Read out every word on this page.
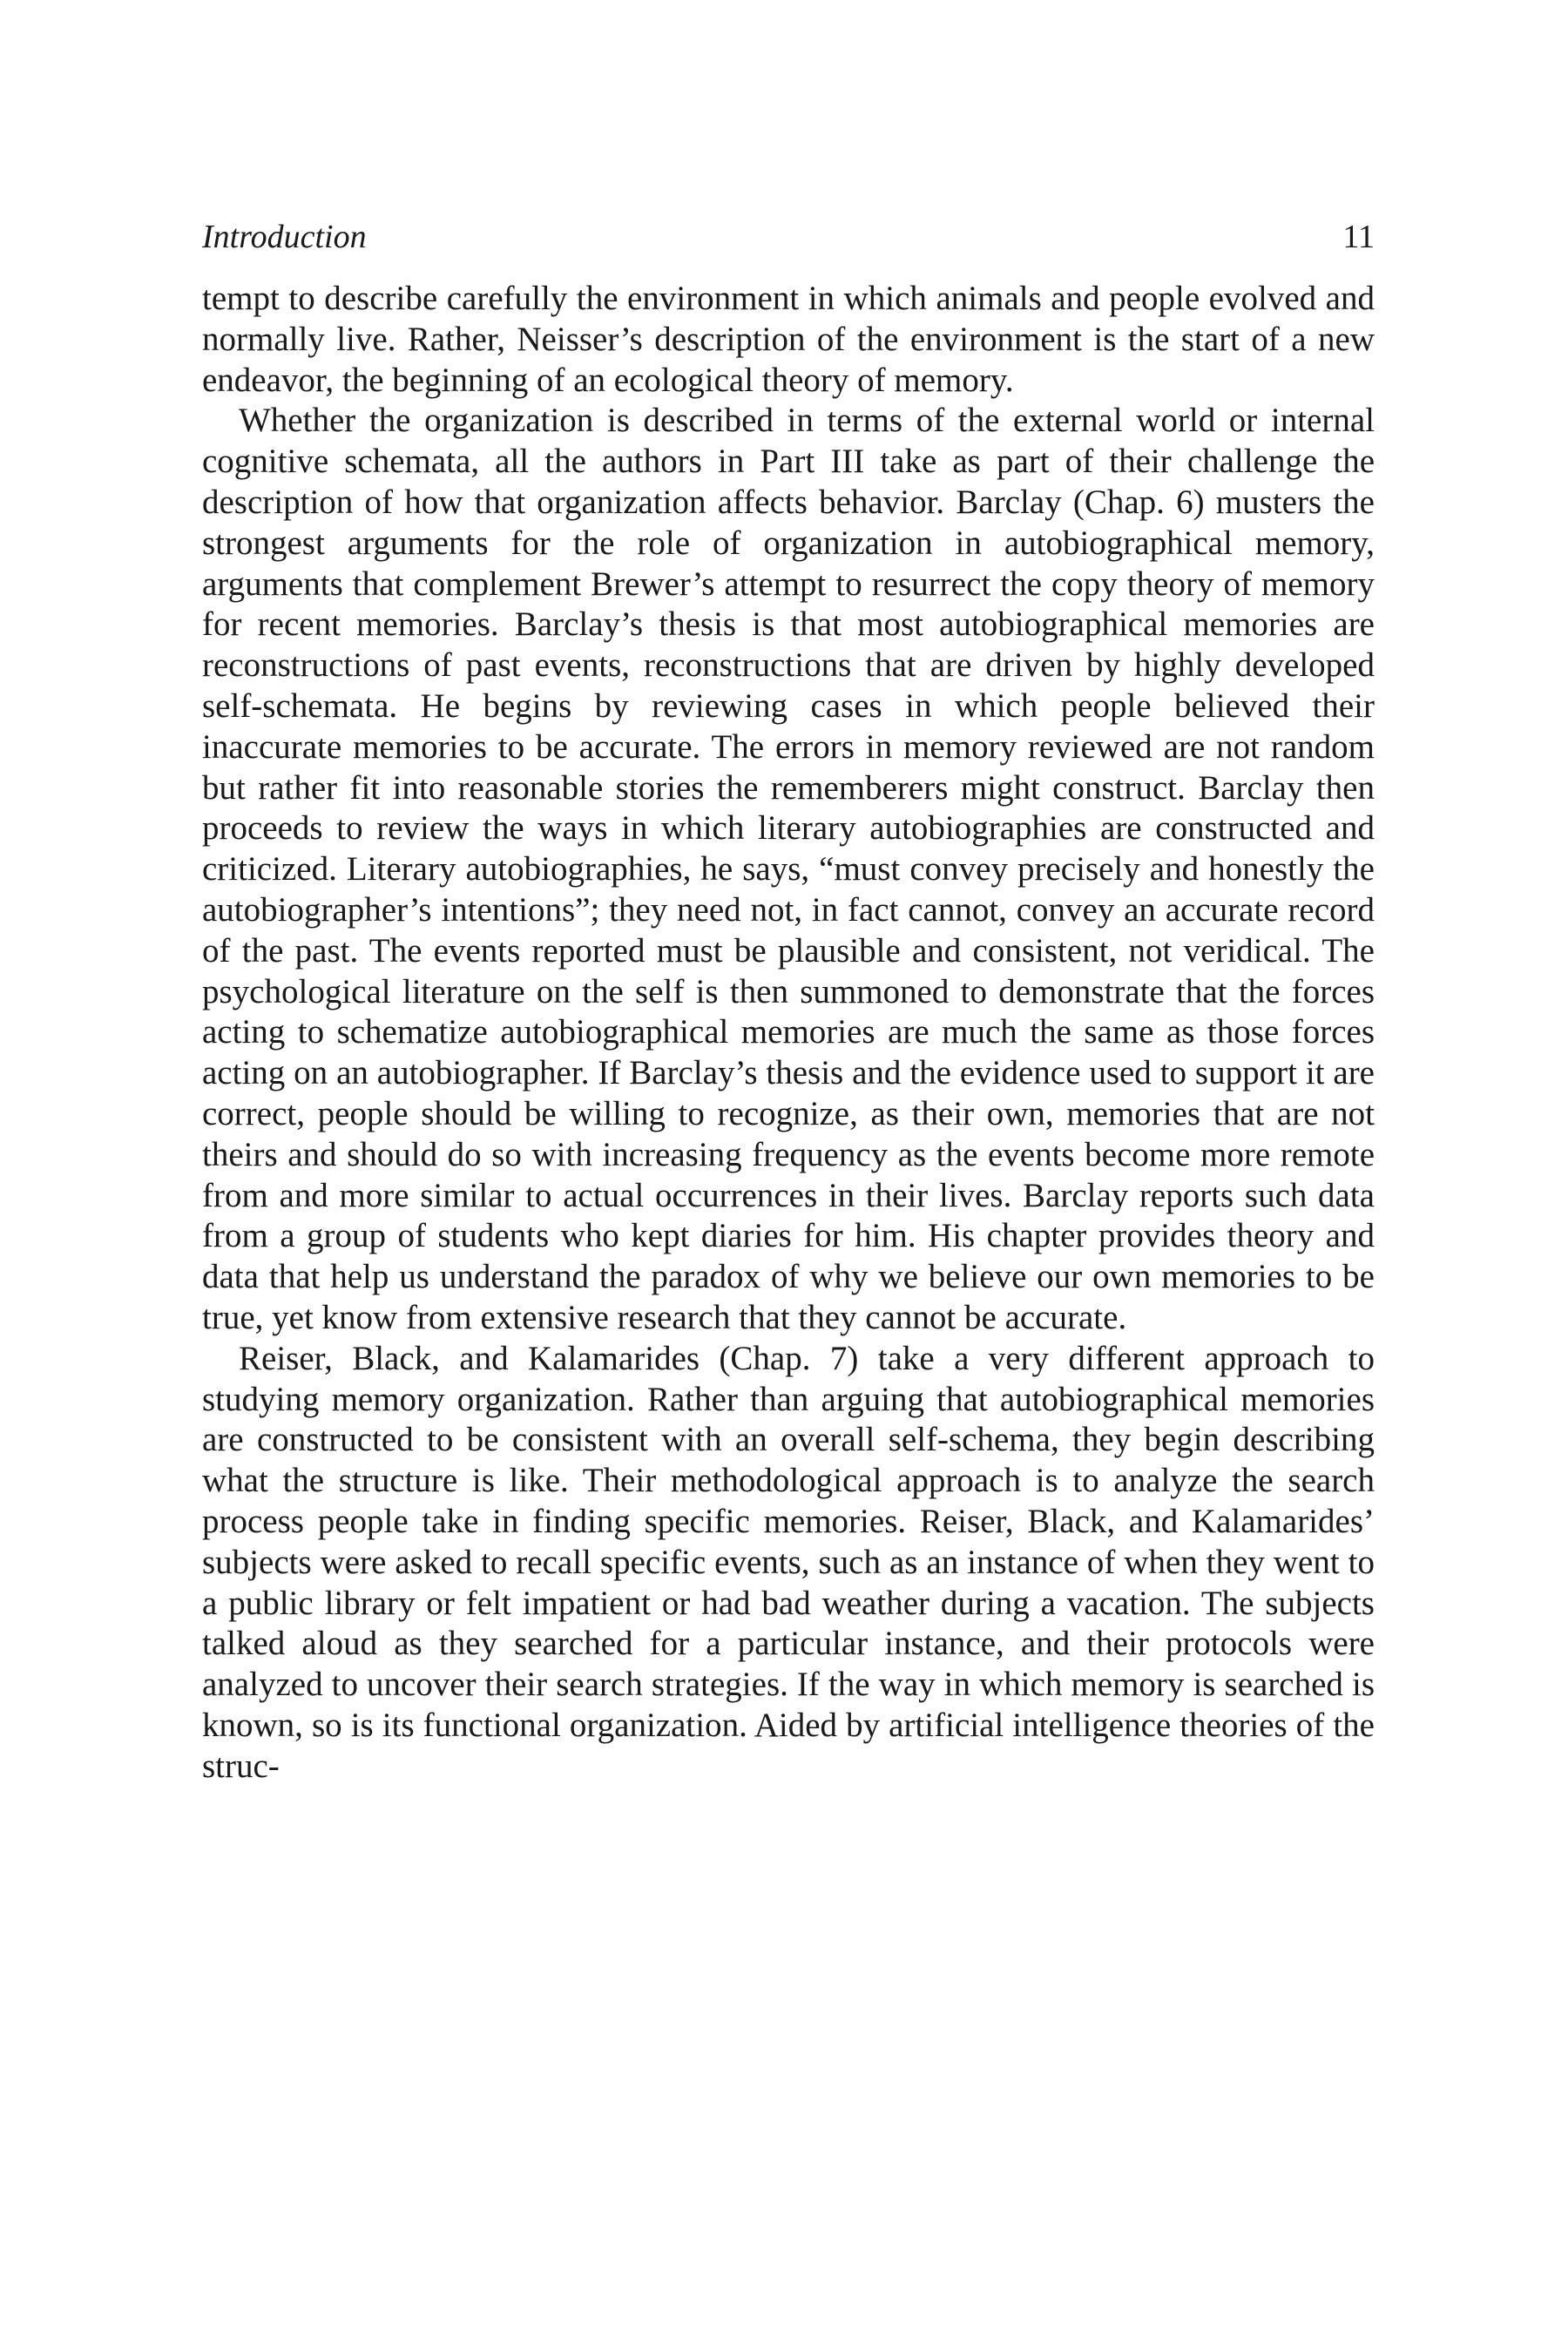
Introduction	11

tempt to describe carefully the environment in which animals and people evolved and normally live. Rather, Neisser’s description of the environment is the start of a new endeavor, the beginning of an ecological theory of memory.

Whether the organization is described in terms of the external world or internal cognitive schemata, all the authors in Part III take as part of their challenge the description of how that organization affects behavior. Barclay (Chap. 6) musters the strongest arguments for the role of organization in autobiographical memory, arguments that complement Brewer’s attempt to resurrect the copy theory of memory for recent memories. Barclay’s thesis is that most autobiographical memories are reconstructions of past events, reconstructions that are driven by highly developed self-schemata. He begins by reviewing cases in which people believed their inaccurate memories to be accurate. The errors in memory reviewed are not random but rather fit into reasonable stories the rememberers might construct. Barclay then proceeds to review the ways in which literary autobiographies are constructed and criticized. Literary autobiographies, he says, “must convey precisely and honestly the autobiographer’s intentions”; they need not, in fact cannot, convey an accurate record of the past. The events reported must be plausible and consistent, not veridical. The psychological literature on the self is then summoned to demonstrate that the forces acting to schematize autobiographical memories are much the same as those forces acting on an autobiographer. If Barclay’s thesis and the evidence used to support it are correct, people should be willing to recognize, as their own, memories that are not theirs and should do so with increasing frequency as the events become more remote from and more similar to actual occurrences in their lives. Barclay reports such data from a group of students who kept diaries for him. His chapter provides theory and data that help us understand the paradox of why we believe our own memories to be true, yet know from extensive research that they cannot be accurate.

Reiser, Black, and Kalamarides (Chap. 7) take a very different approach to studying memory organization. Rather than arguing that autobiographical memories are constructed to be consistent with an overall self-schema, they begin describing what the structure is like. Their methodological approach is to analyze the search process people take in finding specific memories. Reiser, Black, and Kalamarides’ subjects were asked to recall specific events, such as an instance of when they went to a public library or felt impatient or had bad weather during a vacation. The subjects talked aloud as they searched for a particular instance, and their protocols were analyzed to uncover their search strategies. If the way in which memory is searched is known, so is its functional organization. Aided by artificial intelligence theories of the struc-
